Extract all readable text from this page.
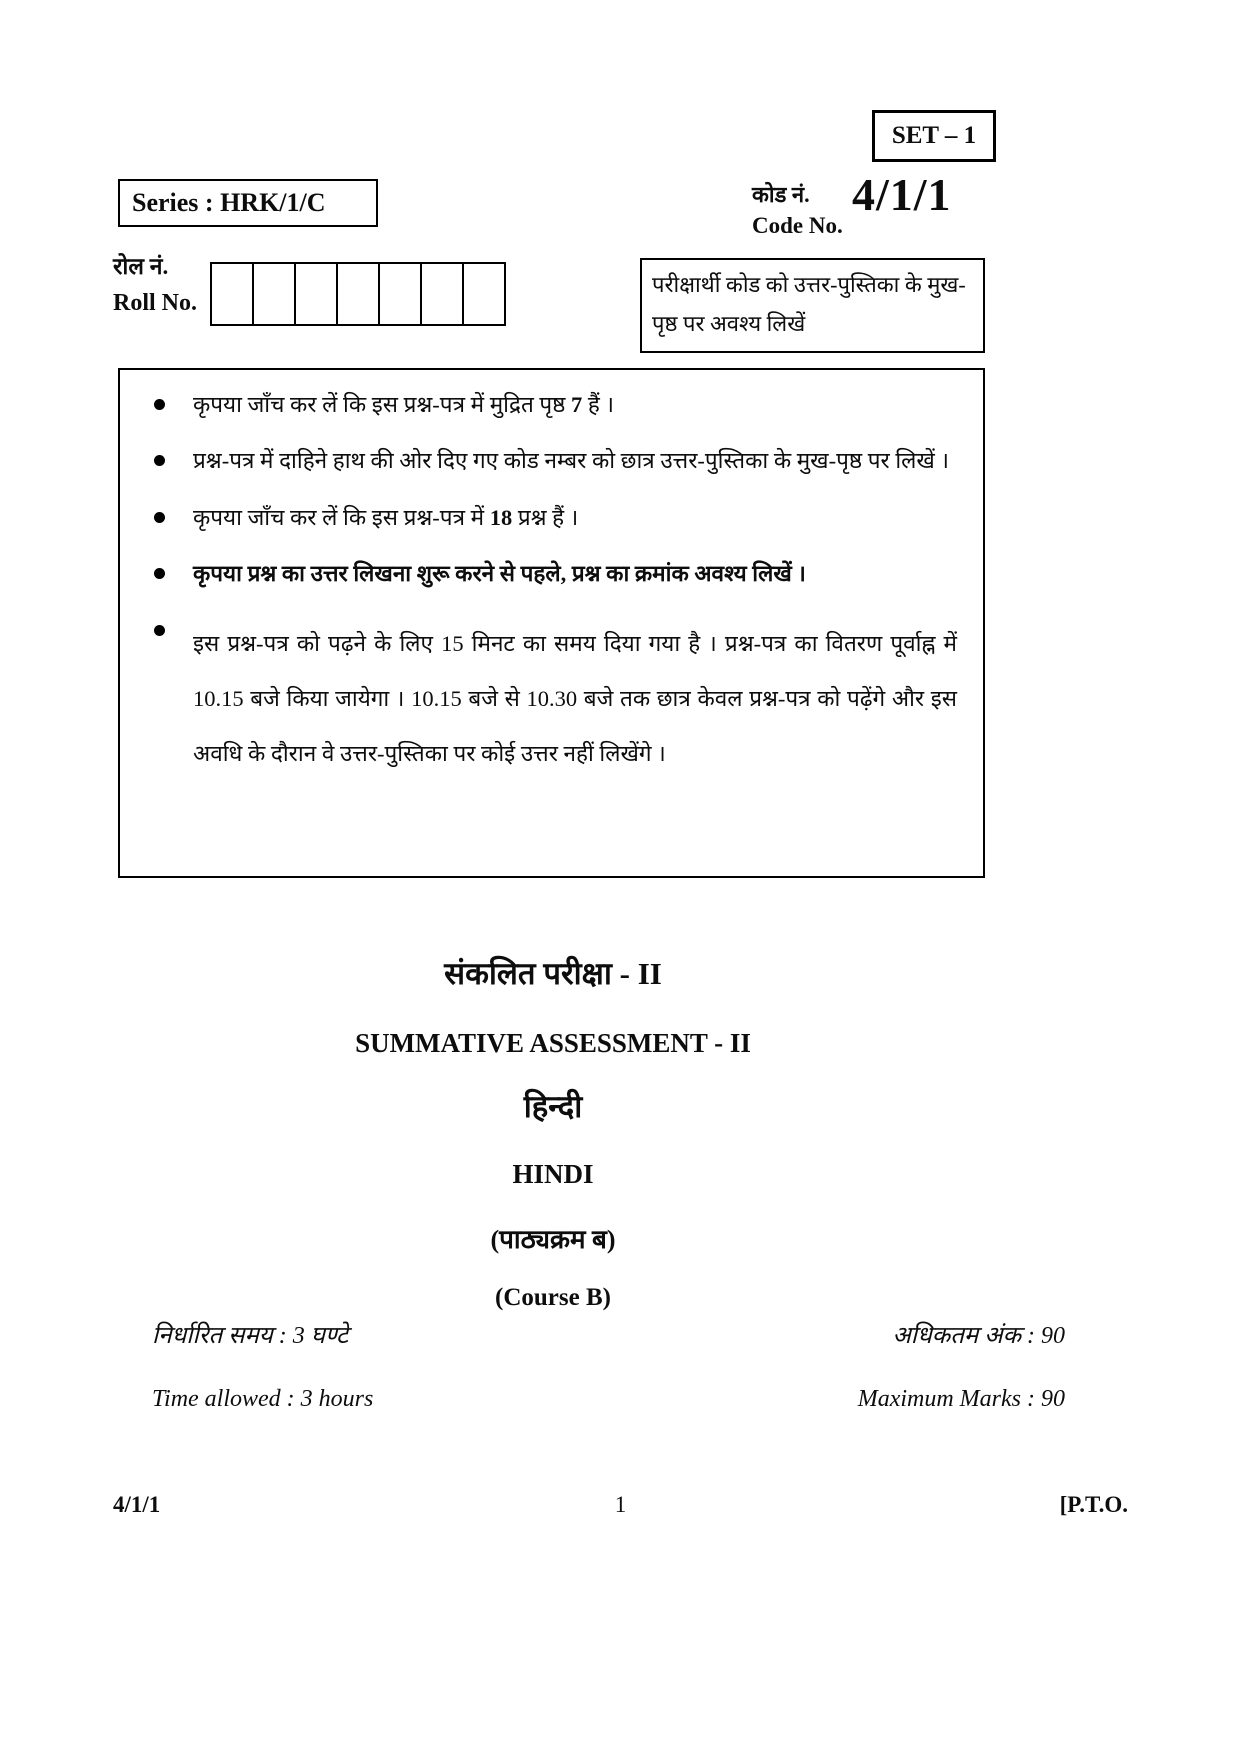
SET – 1
Series : HRK/1/C	कोड नं.
Code No.
4/1/1
रोल नं.
Roll No.
परीक्षार्थी कोड को उत्तर-पुस्तिका के मुख-
पृष्ठ पर अवश्य लिखें
कृपया जाँच कर लें कि इस प्रश्न-पत्र में मुद्रित पृष्ठ 7 हैं ।
प्रश्न-पत्र में दाहिने हाथ की ओर दिए गए कोड नम्बर को छात्र उत्तर-पुस्तिका के मुख-पृष्ठ पर लिखें ।
कृपया जाँच कर लें कि इस प्रश्न-पत्र में 18 प्रश्न हैं ।
कृपया प्रश्न का उत्तर लिखना शुरू करने से पहले, प्रश्न का क्रमांक अवश्य लिखें ।
इस प्रश्न-पत्र को पढ़ने के लिए 15 मिनट का समय दिया गया है । प्रश्न-पत्र का वितरण पूर्वाह्न में 10.15 बजे किया जायेगा । 10.15 बजे से 10.30 बजे तक छात्र केवल प्रश्न-पत्र को पढ़ेंगे और इस अवधि के दौरान वे उत्तर-पुस्तिका पर कोई उत्तर नहीं लिखेंगे ।
संकलित परीक्षा - II
SUMMATIVE ASSESSMENT - II
हिन्दी
HINDI
(पाठ्यक्रम ब)
(Course B)
निर्धारित समय : 3 घण्टे	अधिकतम अंक : 90
Time allowed : 3 hours	Maximum Marks : 90
4/1/1	1	[P.T.O.
